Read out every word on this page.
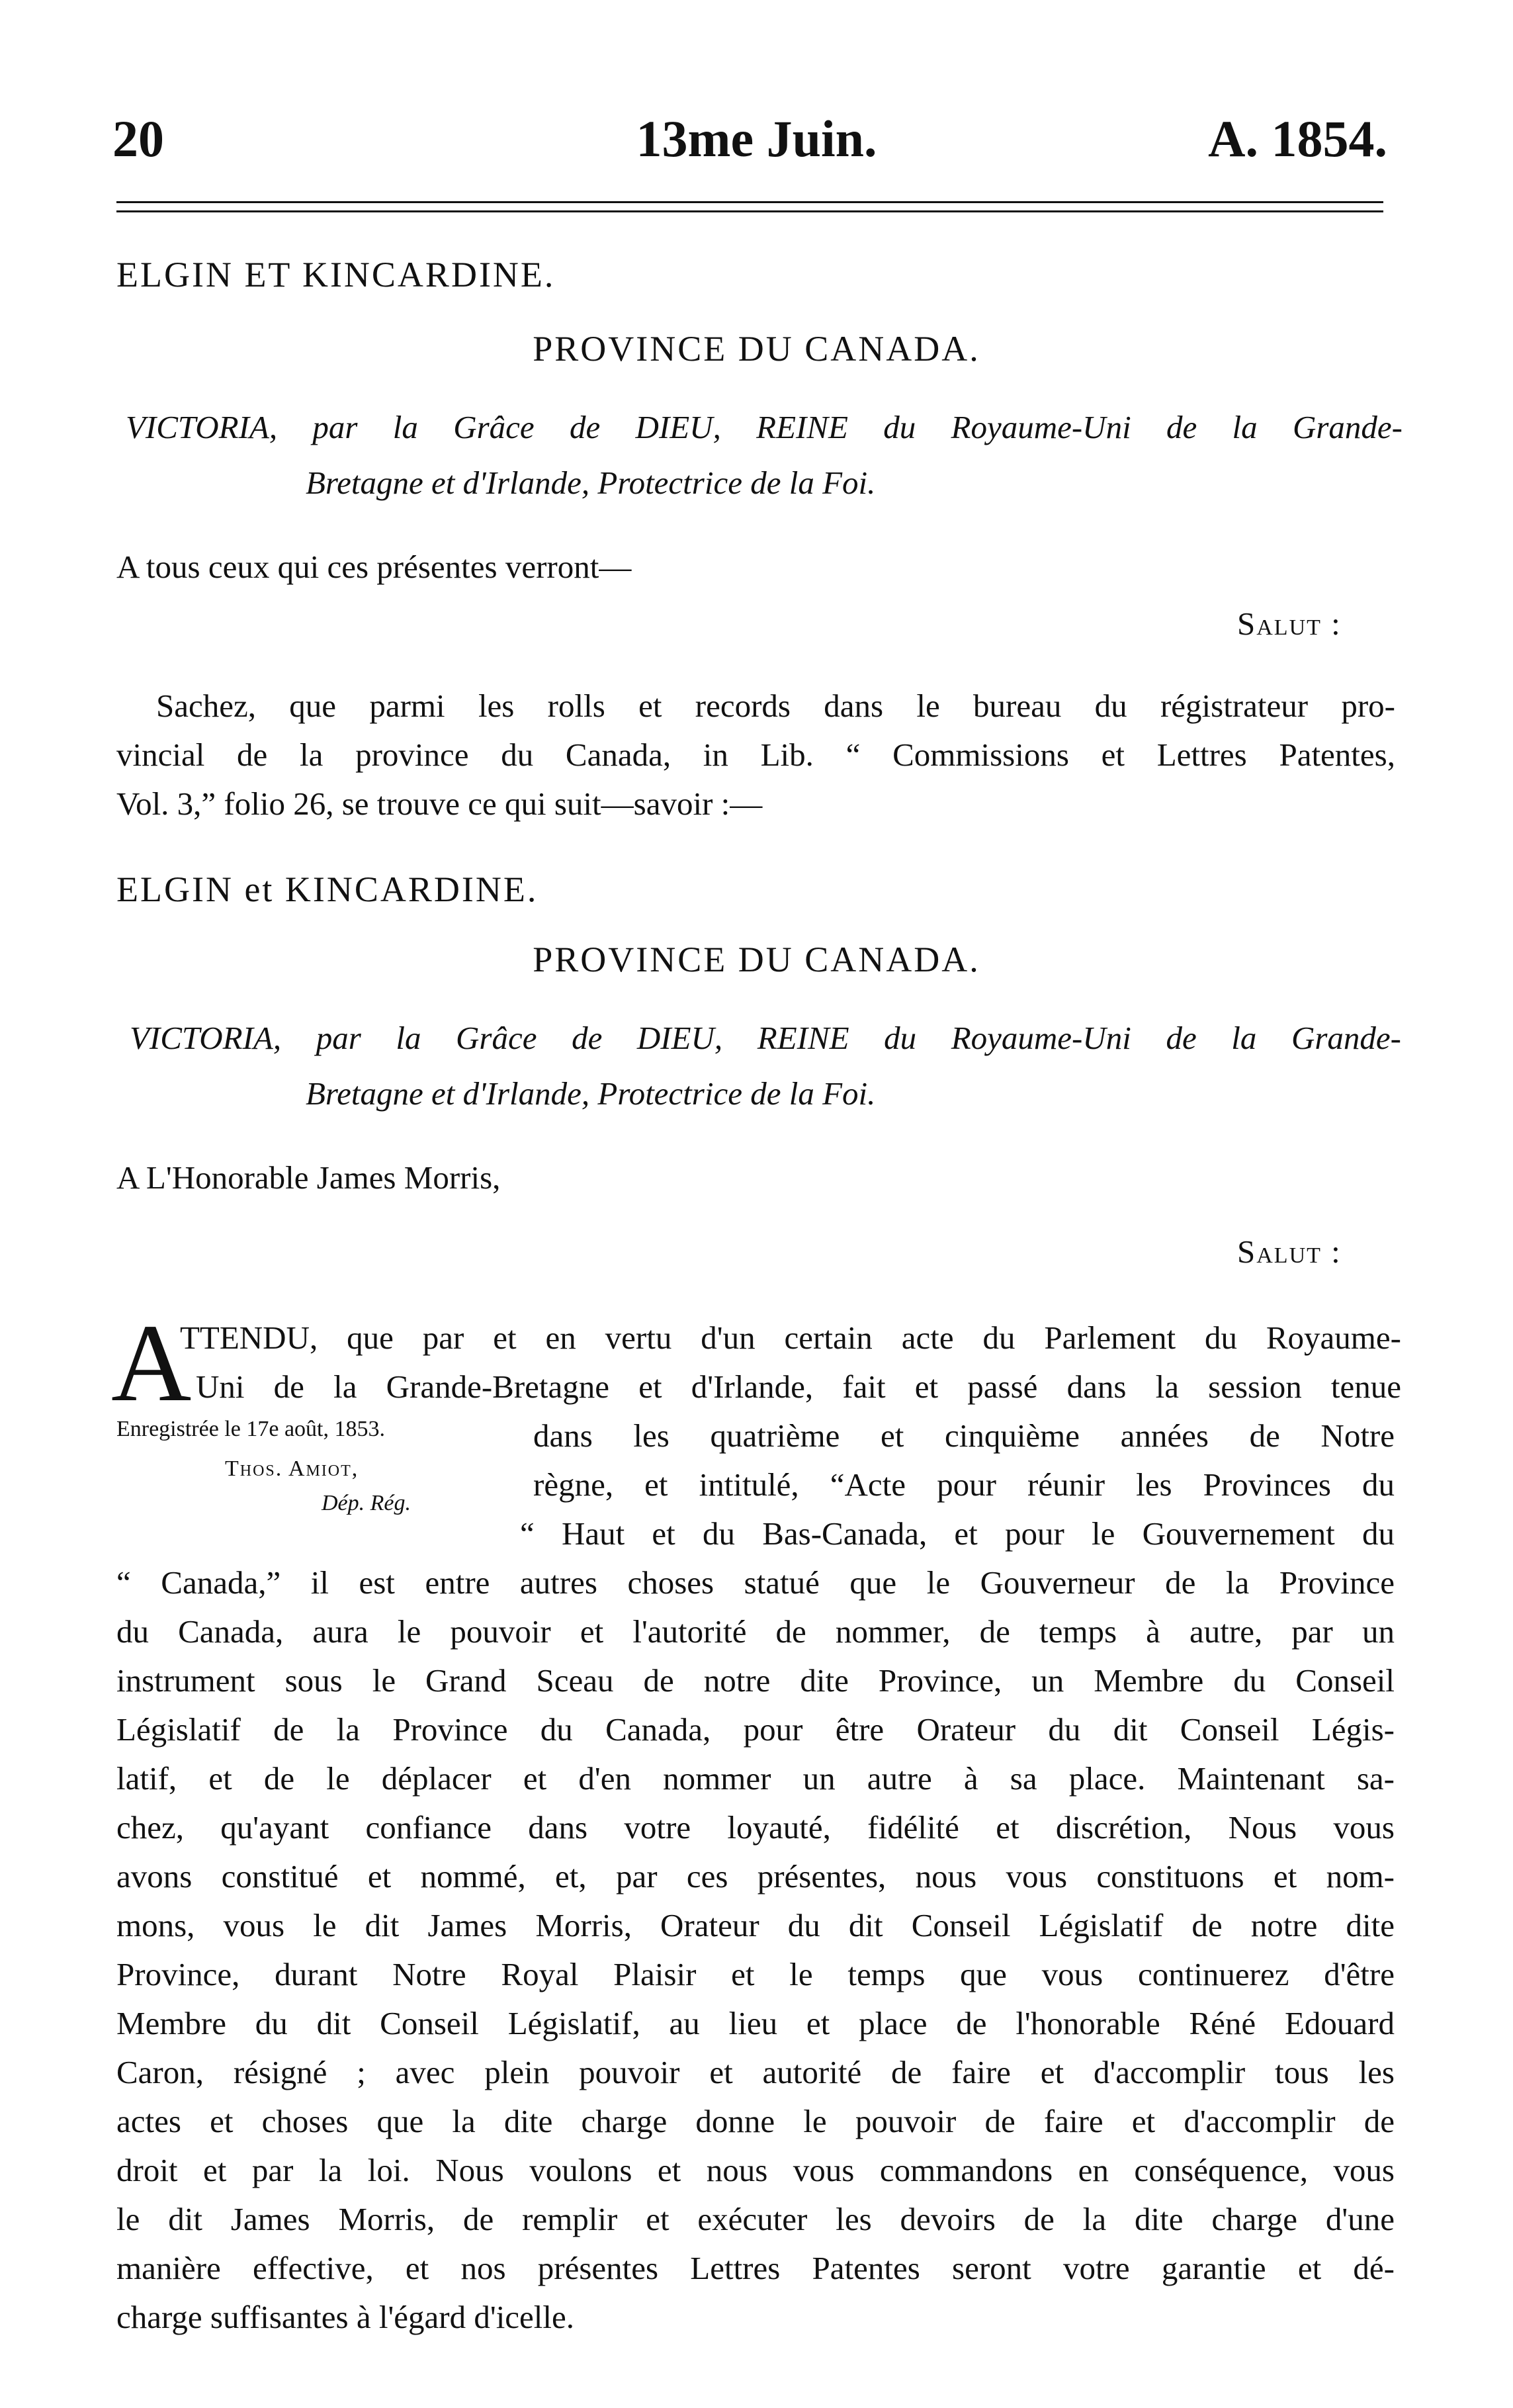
20	13me Juin.	A. 1854.
ELGIN ET KINCARDINE.
PROVINCE DU CANADA.
VICTORIA, par la Grâce de DIEU, REINE du Royaume-Uni de la Grande-
Bretagne et d'Irlande, Protectrice de la Foi.
A tous ceux qui ces présentes verront—
Salut :
Sachez, que parmi les rolls et records dans le bureau du régistrateur pro-
vincial de la province du Canada, in Lib. “ Commissions et Lettres Patentes,
Vol. 3,” folio 26, se trouve ce qui suit—savoir :—
ELGIN et KINCARDINE.
PROVINCE DU CANADA.
VICTORIA, par la Grâce de DIEU, REINE du Royaume-Uni de la Grande-
Bretagne et d'Irlande, Protectrice de la Foi.
A L'Honorable James Morris,
Salut :
A
Enregistrée le 17e août, 1853.
Thos. Amiot,
Dép. Rég.
TTENDU, que par et en vertu d'un certain acte du Parlement du Royaume-
Uni de la Grande-Bretagne et d'Irlande, fait et passé dans la session tenue
dans les quatrième et cinquième années de Notre
règne, et intitulé, “Acte pour réunir les Provinces du
“ Haut et du Bas-Canada, et pour le Gouvernement du
“ Canada,” il est entre autres choses statué que le Gouverneur de la Province
du Canada, aura le pouvoir et l'autorité de nommer, de temps à autre, par un
instrument sous le Grand Sceau de notre dite Province, un Membre du Conseil
Législatif de la Province du Canada, pour être Orateur du dit Conseil Légis-
latif, et de le déplacer et d'en nommer un autre à sa place. Maintenant sa-
chez, qu'ayant confiance dans votre loyauté, fidélité et discrétion, Nous vous
avons constitué et nommé, et, par ces présentes, nous vous constituons et nom-
mons, vous le dit James Morris, Orateur du dit Conseil Législatif de notre dite
Province, durant Notre Royal Plaisir et le temps que vous continuerez d'être
Membre du dit Conseil Législatif, au lieu et place de l'honorable Réné Edouard
Caron, résigné ; avec plein pouvoir et autorité de faire et d'accomplir tous les
actes et choses que la dite charge donne le pouvoir de faire et d'accomplir de
droit et par la loi. Nous voulons et nous vous commandons en conséquence, vous
le dit James Morris, de remplir et exécuter les devoirs de la dite charge d'une
manière effective, et nos présentes Lettres Patentes seront votre garantie et dé-
charge suffisantes à l'égard d'icelle.
